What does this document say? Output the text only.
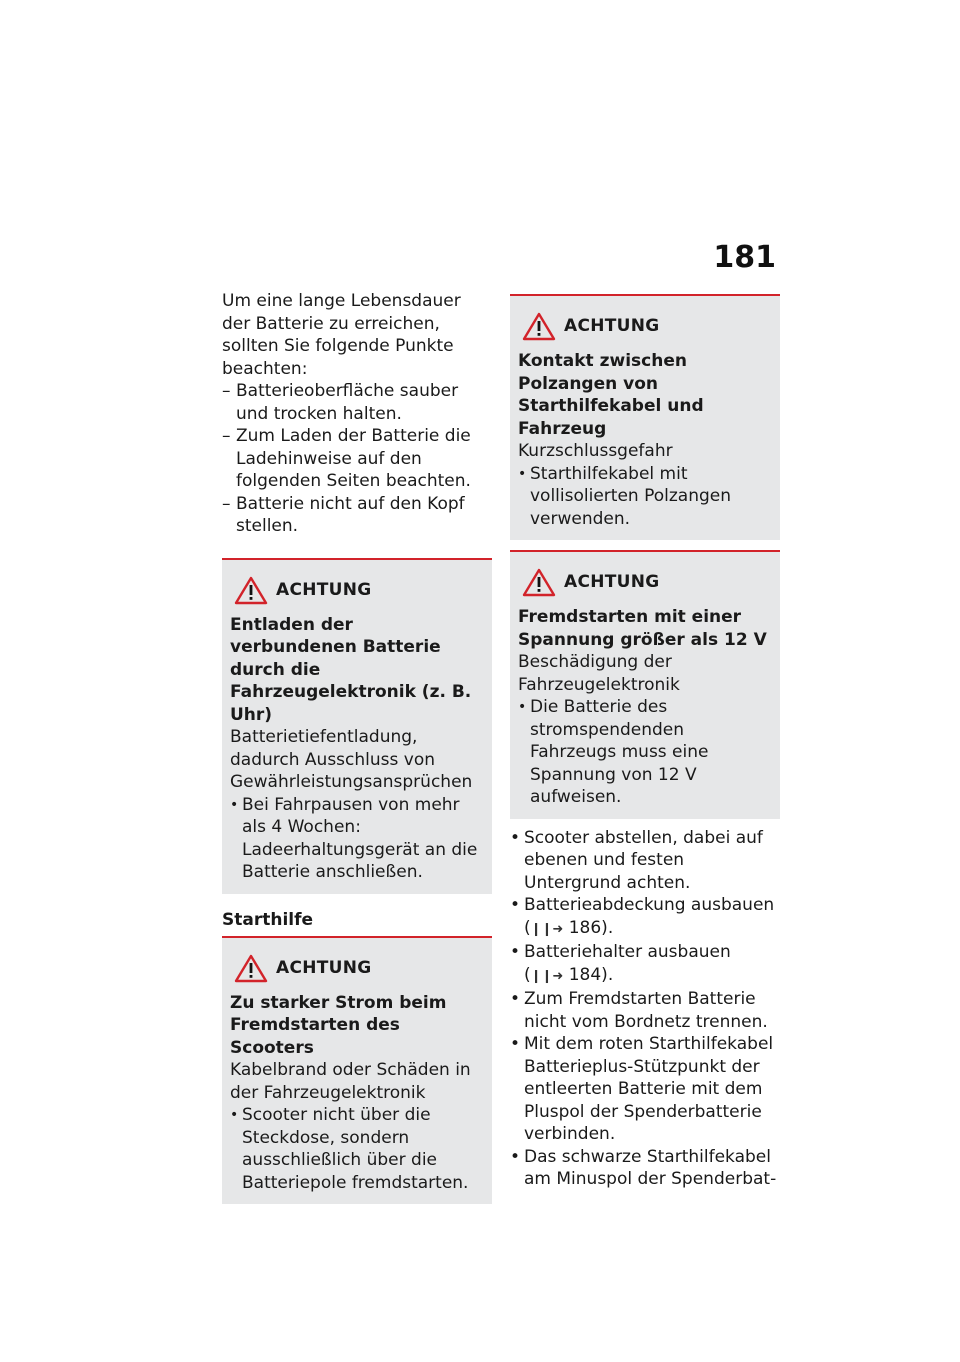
181

Um eine lange Lebensdauer der Batterie zu erreichen, sollten Sie folgende Punkte beachten:

– Batterieoberfläche sauber und trocken halten.
– Zum Laden der Batterie die Ladehinweise auf den folgenden Seiten beachten.
– Batterie nicht auf den Kopf stellen.
ACHTUNG

Entladen der verbundenen Batterie durch die Fahrzeugelektronik (z. B. Uhr)

Batterietiefentladung, dadurch Ausschluss von Gewährleistungsansprüchen

• Bei Fahrpausen von mehr als 4 Wochen: Ladeerhaltungsgerät an die Batterie anschließen.

Starthilfe

ACHTUNG

Zu starker Strom beim Fremdstarten des Scooters

Kabelbrand oder Schäden in der Fahrzeugelektronik

• Scooter nicht über die Steckdose, sondern ausschließlich über die Batteriepole fremdstarten.
ACHTUNG

Kontakt zwischen Polzangen von Starthilfekabel und Fahrzeug

Kurzschlussgefahr

• Starthilfekabel mit vollisolierten Polzangen verwenden.
ACHTUNG

Fremdstarten mit einer Spannung größer als 12 V

Beschädigung der Fahrzeugelektronik

• Die Batterie des stromspendenden Fahrzeugs muss eine Spannung von 12 V aufweisen.
• Scooter abstellen, dabei auf ebenen und festen Untergrund achten.
• Batterieabdeckung ausbauen
(❙❙➜ 186).
• Batteriehalter ausbauen
(❙❙➜ 184).
• Zum Fremdstarten Batterie nicht vom Bordnetz trennen.
• Mit dem roten Starthilfekabel Batterieplus-Stützpunkt der entleerten Batterie mit dem Pluspol der Spenderbatterie verbinden.
• Das schwarze Starthilfekabel am Minuspol der Spenderbat-
